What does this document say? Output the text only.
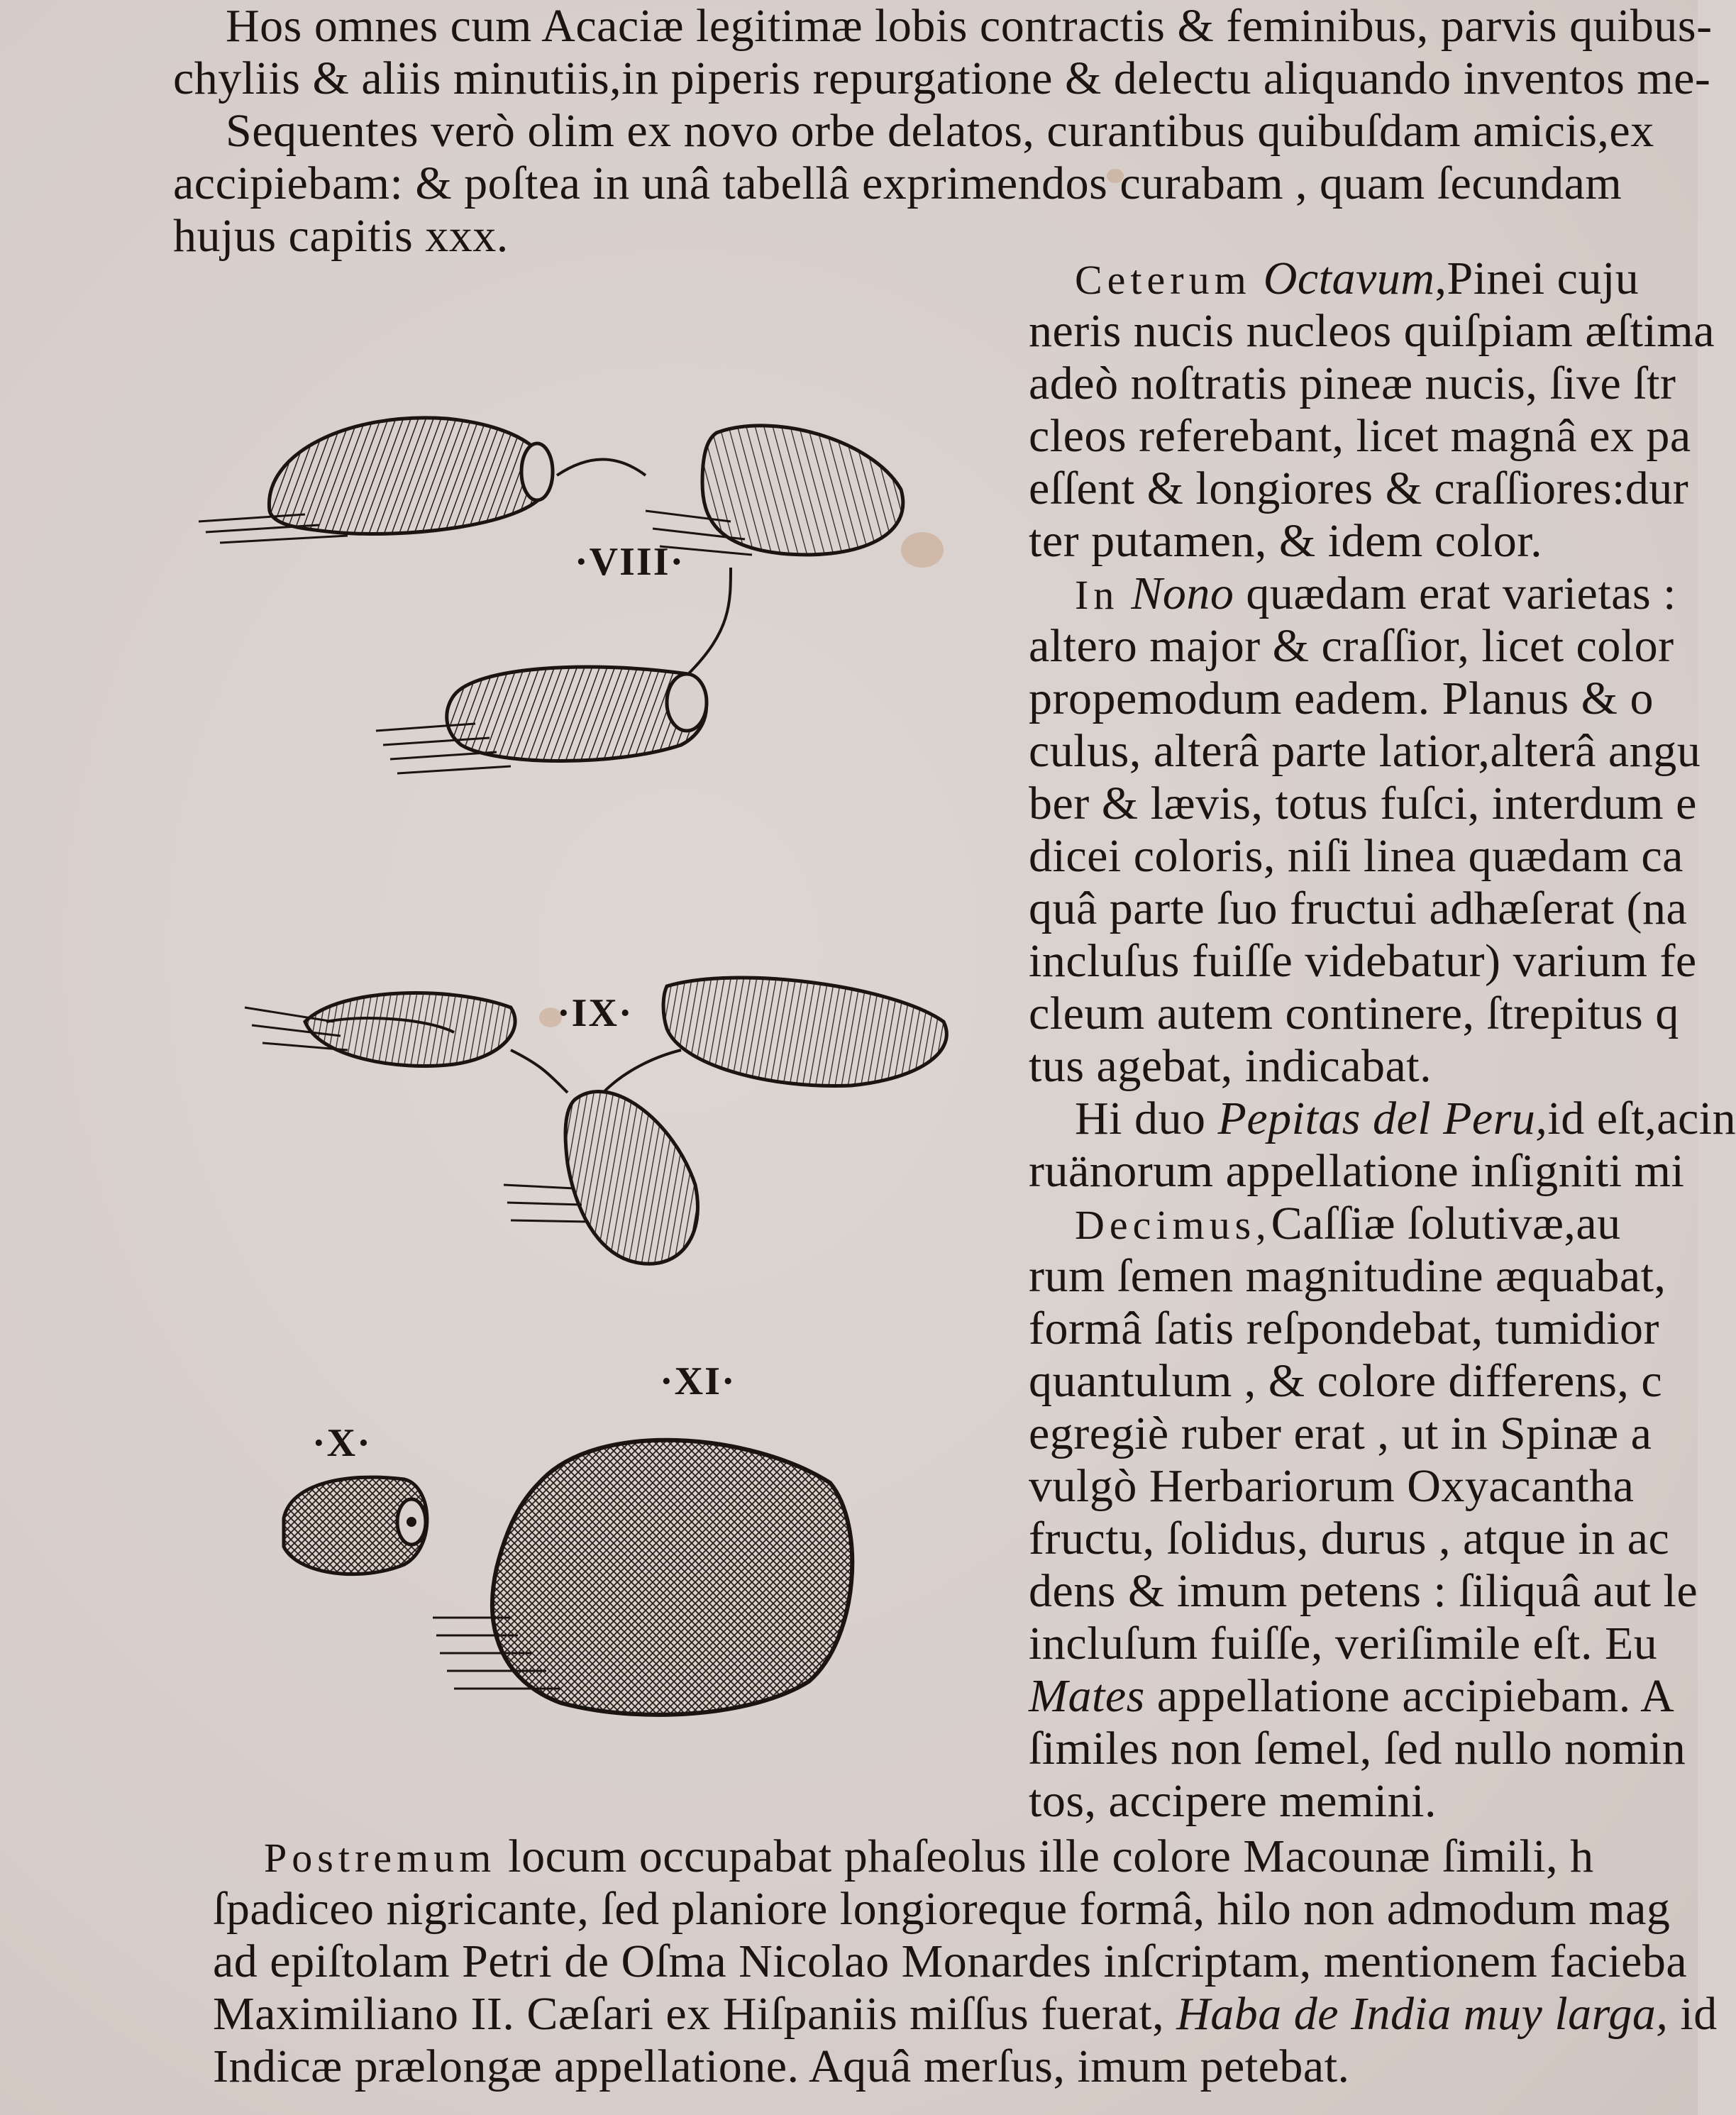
Hos omnes cum Acaciæ legitimæ lobis contractis & feminibus, parvis quibus-
chyliis & aliis minutiis,in piperis repurgatione & delectu aliquando inventos me-
Sequentes verò olim ex novo orbe delatos, curantibus quibuſdam amicis,ex
accipiebam: & poſtea in unâ tabellâ exprimendos curabam , quam ſecundam
hujus capitis xxx.
Ceterum Octavum,Pinei cuju
neris nucis nucleos quiſpiam æſtima
adeò noſtratis pineæ nucis, ſive ſtr
cleos referebant, licet magnâ ex pa
eſſent & longiores & craſſiores:dur
ter putamen, & idem color.
In Nono quædam erat varietas :
altero major & craſſior, licet color
propemodum eadem. Planus & o
culus, alterâ parte latior,alterâ angu
ber & lævis, totus fuſci, interdum e
dicei coloris, niſi linea quædam ca
quâ parte ſuo fructui adhæſerat (na
incluſus fuiſſe videbatur) varium fe
cleum autem continere, ſtrepitus q
tus agebat, indicabat.
Hi duo Pepitas del Peru,id eſt,acin
ruänorum appellatione inſigniti mi
Decimus,Caſſiæ ſolutivæ,au
rum ſemen magnitudine æquabat,
formâ ſatis reſpondebat, tumidior
quantulum , & colore differens, c
egregiè ruber erat , ut in Spinæ a
vulgò Herbariorum Oxyacantha
fructu, ſolidus, durus , atque in ac
dens & imum petens : ſiliquâ aut le
incluſum fuiſſe, veriſimile eſt. Eu
Mates appellatione accipiebam. A
ſimiles non ſemel, ſed nullo nomin
tos, accipere memini.
Postremum locum occupabat phaſeolus ille colore Macounæ ſimili, h
ſpadiceo nigricante, ſed planiore longioreque formâ, hilo non admodum mag
ad epiſtolam Petri de Oſma Nicolao Monardes inſcriptam, mentionem facieba
Maximiliano II. Cæſari ex Hiſpaniis miſſus fuerat, Haba de India muy larga, id
Indicæ prælongæ appellatione. Aquâ merſus, imum petebat.
·VIII·
·IX·
·XI·
·X·
